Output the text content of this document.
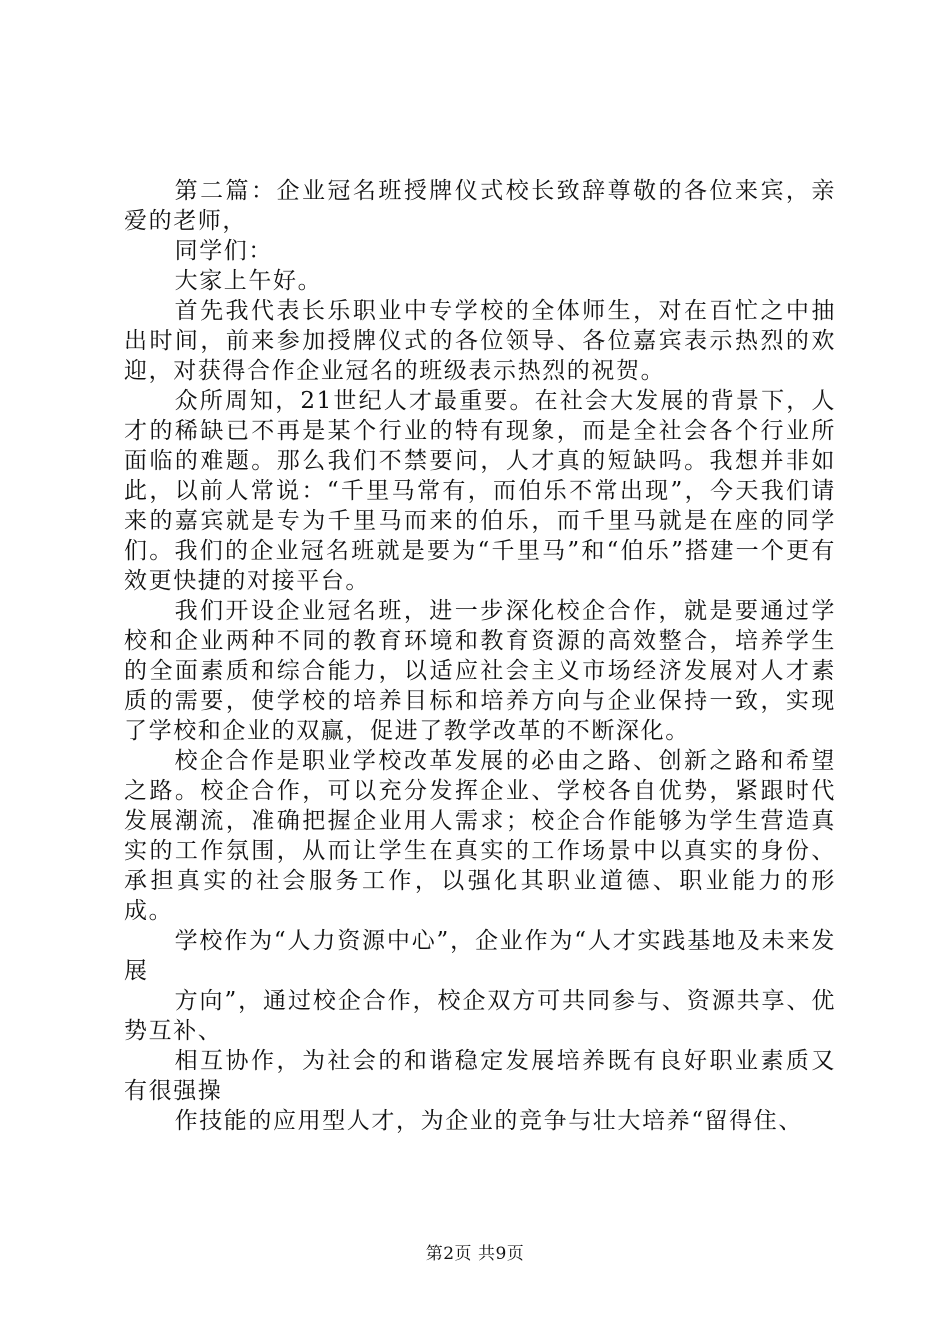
第二篇：企业冠名班授牌仪式校长致辞尊敬的各位来宾，亲爱的老师，

同学们：

大家上午好。

首先我代表长乐职业中专学校的全体师生，对在百忙之中抽出时间，前来参加授牌仪式的各位领导、各位嘉宾表示热烈的欢迎，对获得合作企业冠名的班级表示热烈的祝贺。

众所周知，21世纪人才最重要。在社会大发展的背景下，人才的稀缺已不再是某个行业的特有现象，而是全社会各个行业所面临的难题。那么我们不禁要问，人才真的短缺吗。我想并非如此，以前人常说：“千里马常有，而伯乐不常出现”，今天我们请来的嘉宾就是专为千里马而来的伯乐，而千里马就是在座的同学们。我们的企业冠名班就是要为“千里马”和“伯乐”搭建一个更有效更快捷的对接平台。

我们开设企业冠名班，进一步深化校企合作，就是要通过学校和企业两种不同的教育环境和教育资源的高效整合，培养学生的全面素质和综合能力，以适应社会主义市场经济发展对人才素质的需要，使学校的培养目标和培养方向与企业保持一致，实现了学校和企业的双赢，促进了教学改革的不断深化。

校企合作是职业学校改革发展的必由之路、创新之路和希望之路。校企合作，可以充分发挥企业、学校各自优势，紧跟时代发展潮流，准确把握企业用人需求；校企合作能够为学生营造真实的工作氛围，从而让学生在真实的工作场景中以真实的身份、承担真实的社会服务工作，以强化其职业道德、职业能力的形成。

学校作为“人力资源中心”，企业作为“人才实践基地及未来发展

方向”，通过校企合作，校企双方可共同参与、资源共享、优势互补、

相互协作，为社会的和谐稳定发展培养既有良好职业素质又有很强操

作技能的应用型人才，为企业的竞争与壮大培养“留得住、

第2页 共9页
